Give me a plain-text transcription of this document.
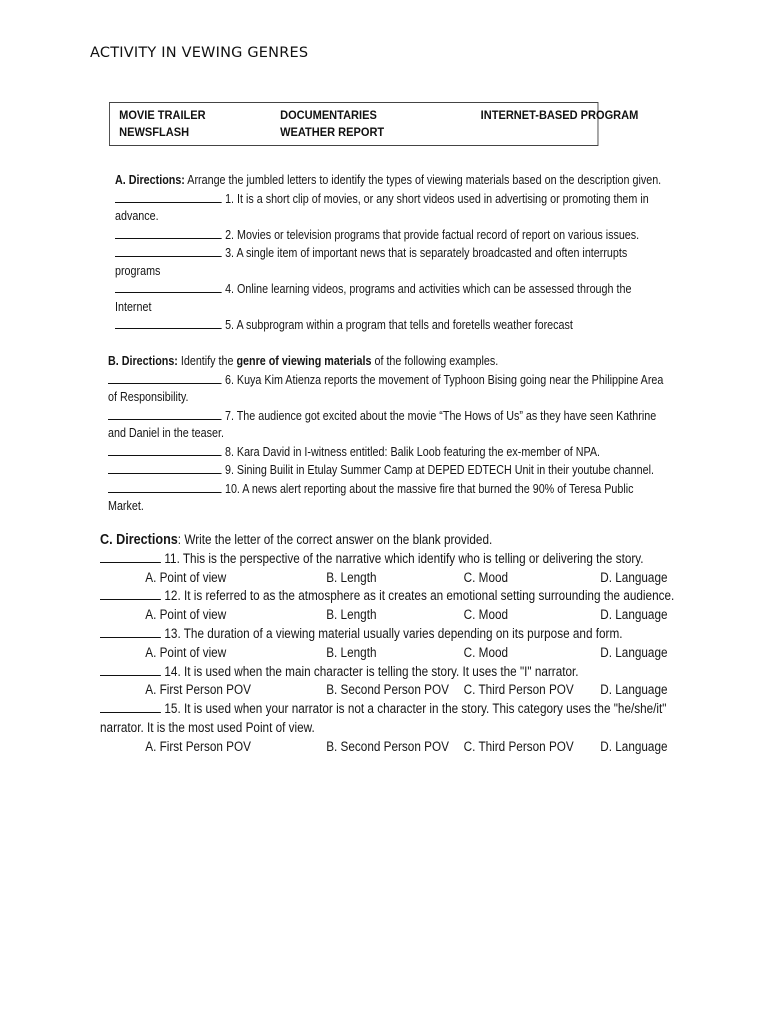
ACTIVITY IN VEWING GENRES
MOVIE TRAILER	DOCUMENTARIES	INTERNET-BASED PROGRAM
NEWSFLASH	WEATHER REPORT
A. Directions: Arrange the jumbled letters to identify the types of viewing materials based on the description given.
1. It is a short clip of movies, or any short videos used in advertising or promoting them in
advance.
2. Movies or television programs that provide factual record of report on various issues.
3. A single item of important news that is separately broadcasted and often interrupts
programs
4. Online learning videos, programs and activities which can be assessed through the
Internet
5. A subprogram within a program that tells and foretells weather forecast
B. Directions: Identify the genre of viewing materials of the following examples.
6. Kuya Kim Atienza reports the movement of Typhoon Bising going near the Philippine Area
of Responsibility.
7. The audience got excited about the movie “The Hows of Us” as they have seen Kathrine
and Daniel in the teaser.
8. Kara David in I-witness entitled: Balik Loob featuring the ex-member of NPA.
9. Sining Builit in Etulay Summer Camp at DEPED EDTECH Unit in their youtube channel.
10. A news alert reporting about the massive fire that burned the 90% of Teresa Public
Market.
C. Directions: Write the letter of the correct answer on the blank provided.
11. This is the perspective of the narrative which identify who is telling or delivering the story.
A. Point of view	B. Length	C. Mood	D. Language
12. It is referred to as the atmosphere as it creates an emotional setting surrounding the audience.
A. Point of view	B. Length	C. Mood	D. Language
13. The duration of a viewing material usually varies depending on its purpose and form.
A. Point of view	B. Length	C. Mood	D. Language
14. It is used when the main character is telling the story. It uses the "I" narrator.
A. First Person POV	B. Second Person POV C. Third Person POV D. Language
15. It is used when your narrator is not a character in the story. This category uses the "he/she/it"
narrator. It is the most used Point of view.
A. First Person POV	B. Second Person POV C. Third Person POV D. Language
